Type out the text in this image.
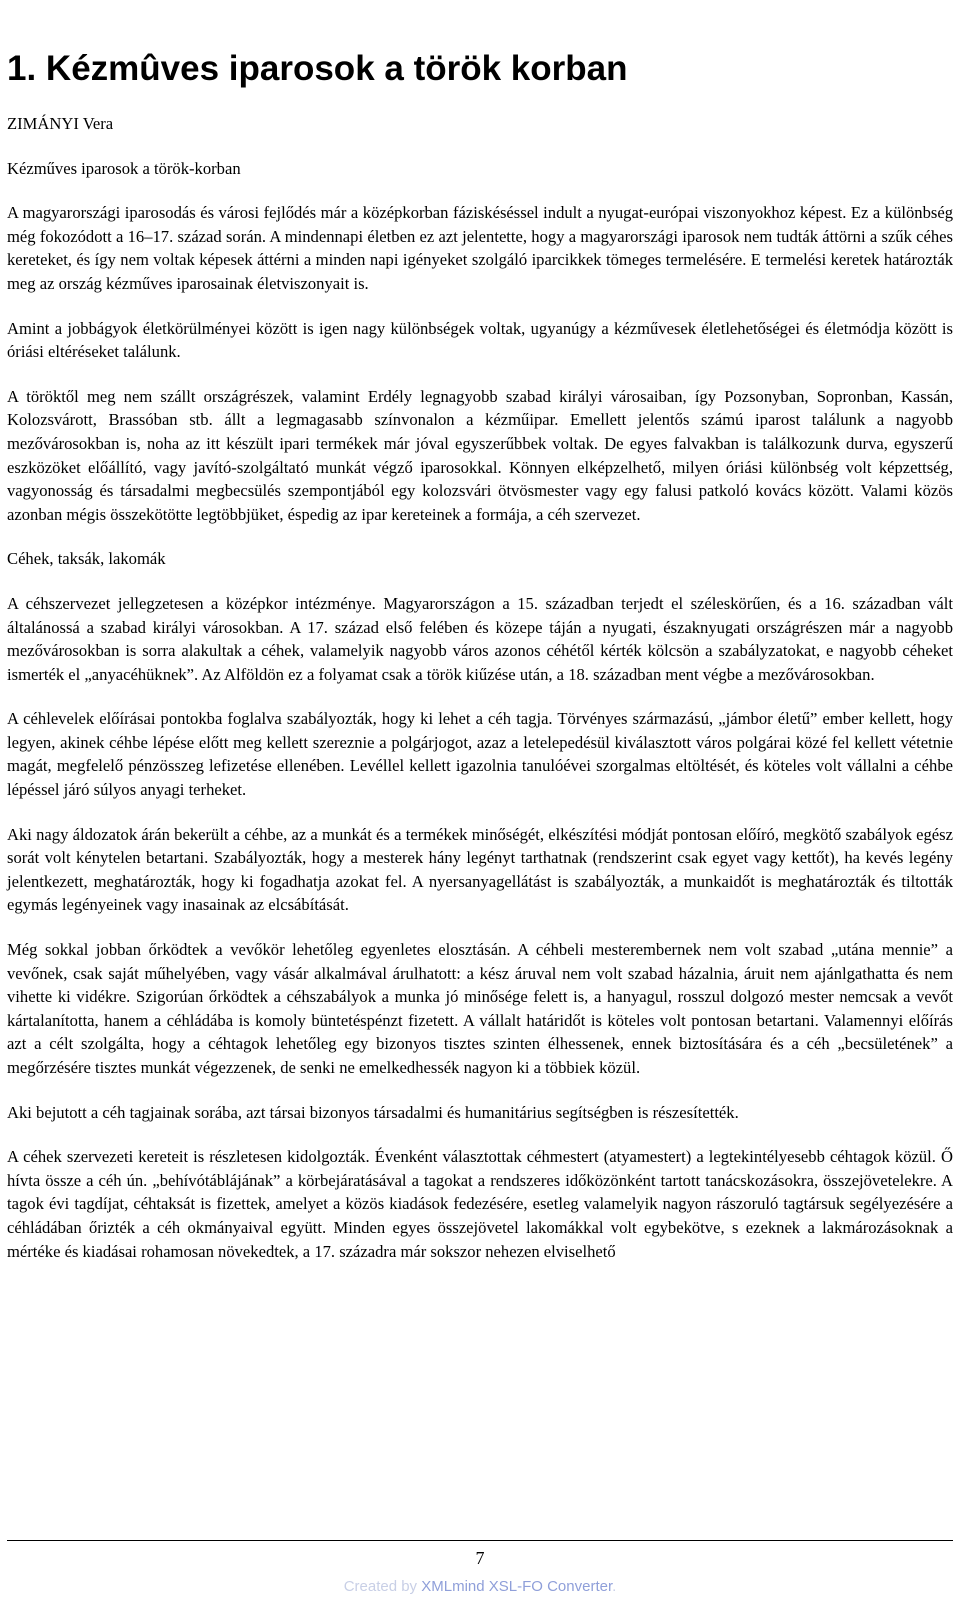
1. Kézmûves iparosok a török korban

ZIMÁNYI Vera

Kézműves iparosok a török-korban

A magyarországi iparosodás és városi fejlődés már a középkorban fáziskéséssel indult a nyugat-európai viszonyokhoz képest. Ez a különbség még fokozódott a 16–17. század során. A mindennapi életben ez azt jelentette, hogy a magyarországi iparosok nem tudták áttörni a szűk céhes kereteket, és így nem voltak képesek áttérni a minden napi igényeket szolgáló iparcikkek tömeges termelésére. E termelési keretek határozták meg az ország kézműves iparosainak életviszonyait is.

Amint a jobbágyok életkörülményei között is igen nagy különbségek voltak, ugyanúgy a kézművesek életlehetőségei és életmódja között is óriási eltéréseket találunk.

A töröktől meg nem szállt országrészek, valamint Erdély legnagyobb szabad királyi városaiban, így Pozsonyban, Sopronban, Kassán, Kolozsvárott, Brassóban stb. állt a legmagasabb színvonalon a kézműipar. Emellett jelentős számú iparost találunk a nagyobb mezővárosokban is, noha az itt készült ipari termékek már jóval egyszerűbbek voltak. De egyes falvakban is találkozunk durva, egyszerű eszközöket előállító, vagy javító-szolgáltató munkát végző iparosokkal. Könnyen elképzelhető, milyen óriási különbség volt képzettség, vagyonosság és társadalmi megbecsülés szempontjából egy kolozsvári ötvösmester vagy egy falusi patkoló kovács között. Valami közös azonban mégis összekötötte legtöbbjüket, éspedig az ipar kereteinek a formája, a céh szervezet.

Céhek, taksák, lakomák

A céhszervezet jellegzetesen a középkor intézménye. Magyarországon a 15. században terjedt el széleskörűen, és a 16. században vált általánossá a szabad királyi városokban. A 17. század első felében és közepe táján a nyugati, északnyugati országrészen már a nagyobb mezővárosokban is sorra alakultak a céhek, valamelyik nagyobb város azonos céhétől kérték kölcsön a szabályzatokat, e nagyobb céheket ismerték el „anyacéhüknek”. Az Alföldön ez a folyamat csak a török kiűzése után, a 18. században ment végbe a mezővárosokban.

A céhlevelek előírásai pontokba foglalva szabályozták, hogy ki lehet a céh tagja. Törvényes származású, „jámbor életű” ember kellett, hogy legyen, akinek céhbe lépése előtt meg kellett szereznie a polgárjogot, azaz a letelepedésül kiválasztott város polgárai közé fel kellett vétetnie magát, megfelelő pénzösszeg lefizetése ellenében. Levéllel kellett igazolnia tanulóévei szorgalmas eltöltését, és köteles volt vállalni a céhbe lépéssel járó súlyos anyagi terheket.

Aki nagy áldozatok árán bekerült a céhbe, az a munkát és a termékek minőségét, elkészítési módját pontosan előíró, megkötő szabályok egész sorát volt kénytelen betartani. Szabályozták, hogy a mesterek hány legényt tarthatnak (rendszerint csak egyet vagy kettőt), ha kevés legény jelentkezett, meghatározták, hogy ki fogadhatja azokat fel. A nyersanyagellátást is szabályozták, a munkaidőt is meghatározták és tiltották egymás legényeinek vagy inasainak az elcsábítását.

Még sokkal jobban őrködtek a vevőkör lehetőleg egyenletes elosztásán. A céhbeli mesterembernek nem volt szabad „utána mennie” a vevőnek, csak saját műhelyében, vagy vásár alkalmával árulhatott: a kész áruval nem volt szabad házalnia, áruit nem ajánlgathatta és nem vihette ki vidékre. Szigorúan őrködtek a céhszabályok a munka jó minősége felett is, a hanyagul, rosszul dolgozó mester nemcsak a vevőt kártalanította, hanem a céhládába is komoly büntetéspénzt fizetett. A vállalt határidőt is köteles volt pontosan betartani. Valamennyi előírás azt a célt szolgálta, hogy a céhtagok lehetőleg egy bizonyos tisztes szinten élhessenek, ennek biztosítására és a céh „becsületének” a megőrzésére tisztes munkát végezzenek, de senki ne emelkedhessék nagyon ki a többiek közül.

Aki bejutott a céh tagjainak sorába, azt társai bizonyos társadalmi és humanitárius segítségben is részesítették.

A céhek szervezeti kereteit is részletesen kidolgozták. Évenként választottak céhmestert (atyamestert) a legtekintélyesebb céhtagok közül. Ő hívta össze a céh ún. „behívótáblájának” a körbejáratásával a tagokat a rendszeres időközönként tartott tanácskozásokra, összejövetelekre. A tagok évi tagdíjat, céhtaksát is fizettek, amelyet a közös kiadások fedezésére, esetleg valamelyik nagyon rászoruló tagtársuk segélyezésére a céhládában őrizték a céh okmányaival együtt. Minden egyes összejövetel lakomákkal volt egybekötve, s ezeknek a lakmározásoknak a mértéke és kiadásai rohamosan növekedtek, a 17. századra már sokszor nehezen elviselhető

7
Created by XMLmind XSL-FO Converter.
